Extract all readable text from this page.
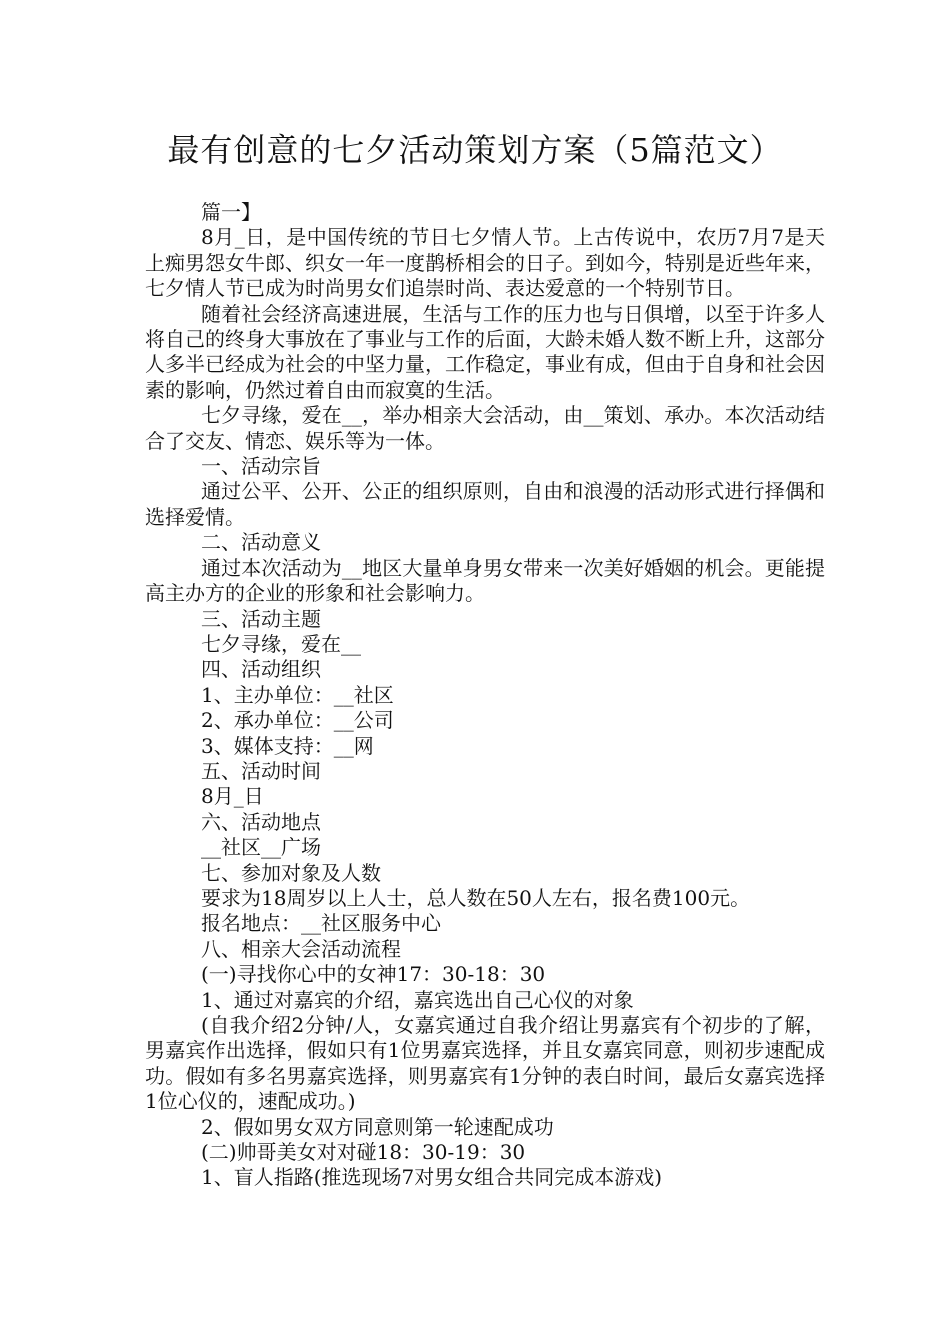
最有创意的七夕活动策划方案（5篇范文）

篇一】

8月_日，是中国传统的节日七夕情人节。上古传说中，农历7月7是天上痴男怨女牛郎、织女一年一度鹊桥相会的日子。到如今，特别是近些年来，七夕情人节已成为时尚男女们追崇时尚、表达爱意的一个特别节日。

随着社会经济高速进展，生活与工作的压力也与日俱增，以至于许多人将自己的终身大事放在了事业与工作的后面，大龄未婚人数不断上升，这部分人多半已经成为社会的中坚力量，工作稳定，事业有成，但由于自身和社会因素的影响，仍然过着自由而寂寞的生活。

七夕寻缘，爱在__，举办相亲大会活动，由__策划、承办。本次活动结合了交友、情恋、娱乐等为一体。

一、活动宗旨

通过公平、公开、公正的组织原则，自由和浪漫的活动形式进行择偶和选择爱情。

二、活动意义

通过本次活动为__地区大量单身男女带来一次美好婚姻的机会。更能提高主办方的企业的形象和社会影响力。

三、活动主题

七夕寻缘，爱在__

四、活动组织

1、主办单位：__社区

2、承办单位：__公司

3、媒体支持：__网

五、活动时间

8月_日

六、活动地点

__社区__广场

七、参加对象及人数

要求为18周岁以上人士，总人数在50人左右，报名费100元。

报名地点：__社区服务中心

八、相亲大会活动流程

(一)寻找你心中的女神17：30-18：30

1、通过对嘉宾的介绍，嘉宾选出自己心仪的对象

(自我介绍2分钟/人，女嘉宾通过自我介绍让男嘉宾有个初步的了解，男嘉宾作出选择，假如只有1位男嘉宾选择，并且女嘉宾同意，则初步速配成功。假如有多名男嘉宾选择，则男嘉宾有1分钟的表白时间，最后女嘉宾选择1位心仪的，速配成功。)

2、假如男女双方同意则第一轮速配成功

(二)帅哥美女对对碰18：30-19：30

1、盲人指路(推选现场7对男女组合共同完成本游戏)
